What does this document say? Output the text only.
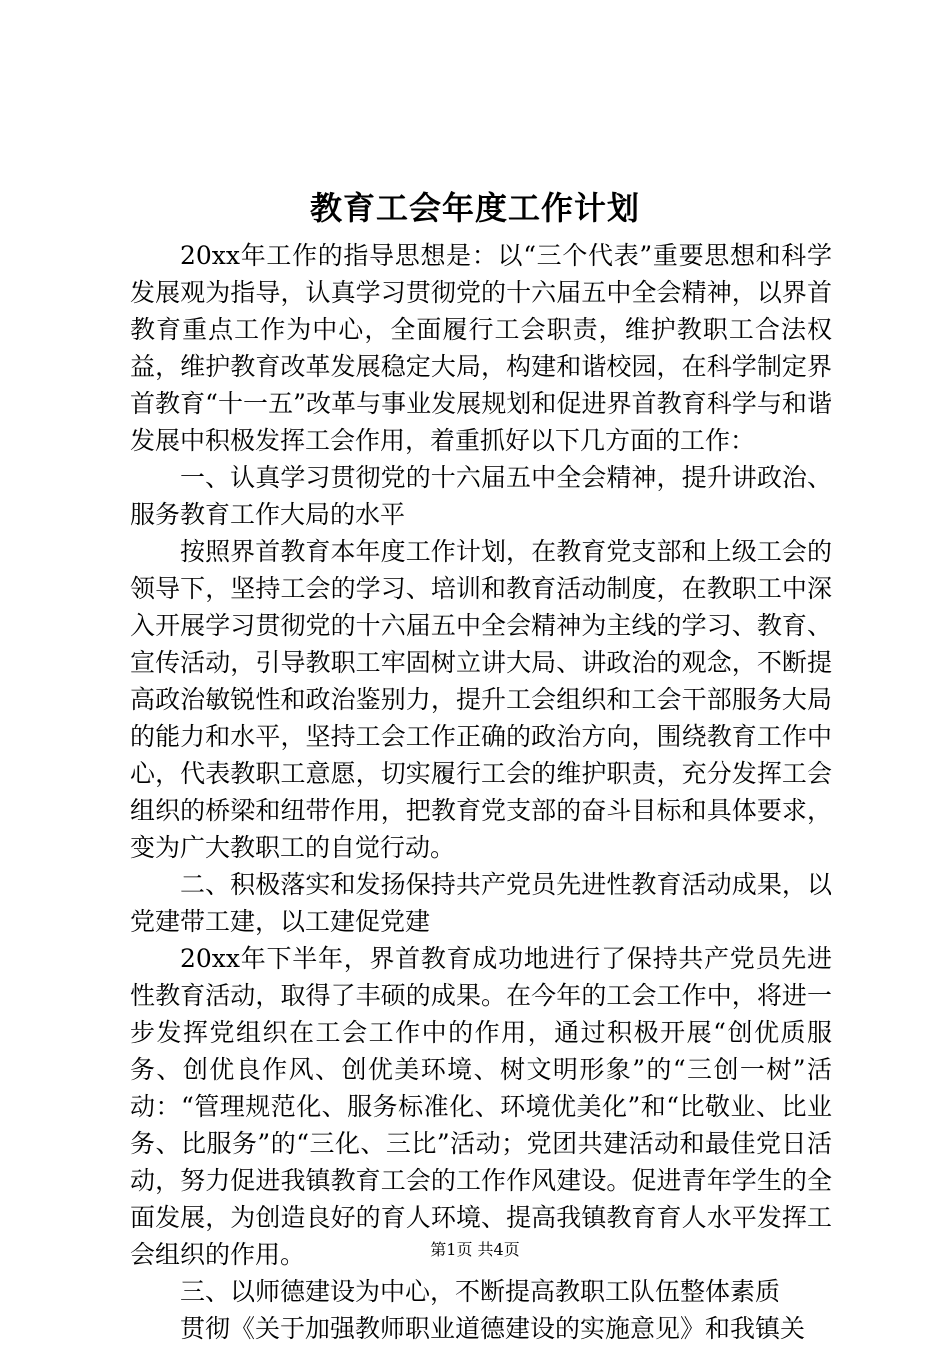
教育工会年度工作计划

20xx年工作的指导思想是：以“三个代表”重要思想和科学发展观为指导，认真学习贯彻党的十六届五中全会精神，以界首教育重点工作为中心，全面履行工会职责，维护教职工合法权益，维护教育改革发展稳定大局，构建和谐校园，在科学制定界首教育“十一五”改革与事业发展规划和促进界首教育科学与和谐发展中积极发挥工会作用，着重抓好以下几方面的工作：

一、认真学习贯彻党的十六届五中全会精神，提升讲政治、服务教育工作大局的水平

按照界首教育本年度工作计划，在教育党支部和上级工会的领导下，坚持工会的学习、培训和教育活动制度，在教职工中深入开展学习贯彻党的十六届五中全会精神为主线的学习、教育、宣传活动，引导教职工牢固树立讲大局、讲政治的观念，不断提高政治敏锐性和政治鉴别力，提升工会组织和工会干部服务大局的能力和水平，坚持工会工作正确的政治方向，围绕教育工作中心，代表教职工意愿，切实履行工会的维护职责，充分发挥工会组织的桥梁和纽带作用，把教育党支部的奋斗目标和具体要求，变为广大教职工的自觉行动。

二、积极落实和发扬保持共产党员先进性教育活动成果，以党建带工建，以工建促党建

20xx年下半年，界首教育成功地进行了保持共产党员先进性教育活动，取得了丰硕的成果。在今年的工会工作中，将进一步发挥党组织在工会工作中的作用，通过积极开展“创优质服务、创优良作风、创优美环境、树文明形象”的“三创一树”活动：“管理规范化、服务标准化、环境优美化”和“比敬业、比业务、比服务”的“三化、三比”活动；党团共建活动和最佳党日活动，努力促进我镇教育工会的工作作风建设。促进青年学生的全面发展，为创造良好的育人环境、提高我镇教育育人水平发挥工会组织的作用。

三、以师德建设为中心，不断提高教职工队伍整体素质

贯彻《关于加强教师职业道德建设的实施意见》和我镇关

第1页 共4页
